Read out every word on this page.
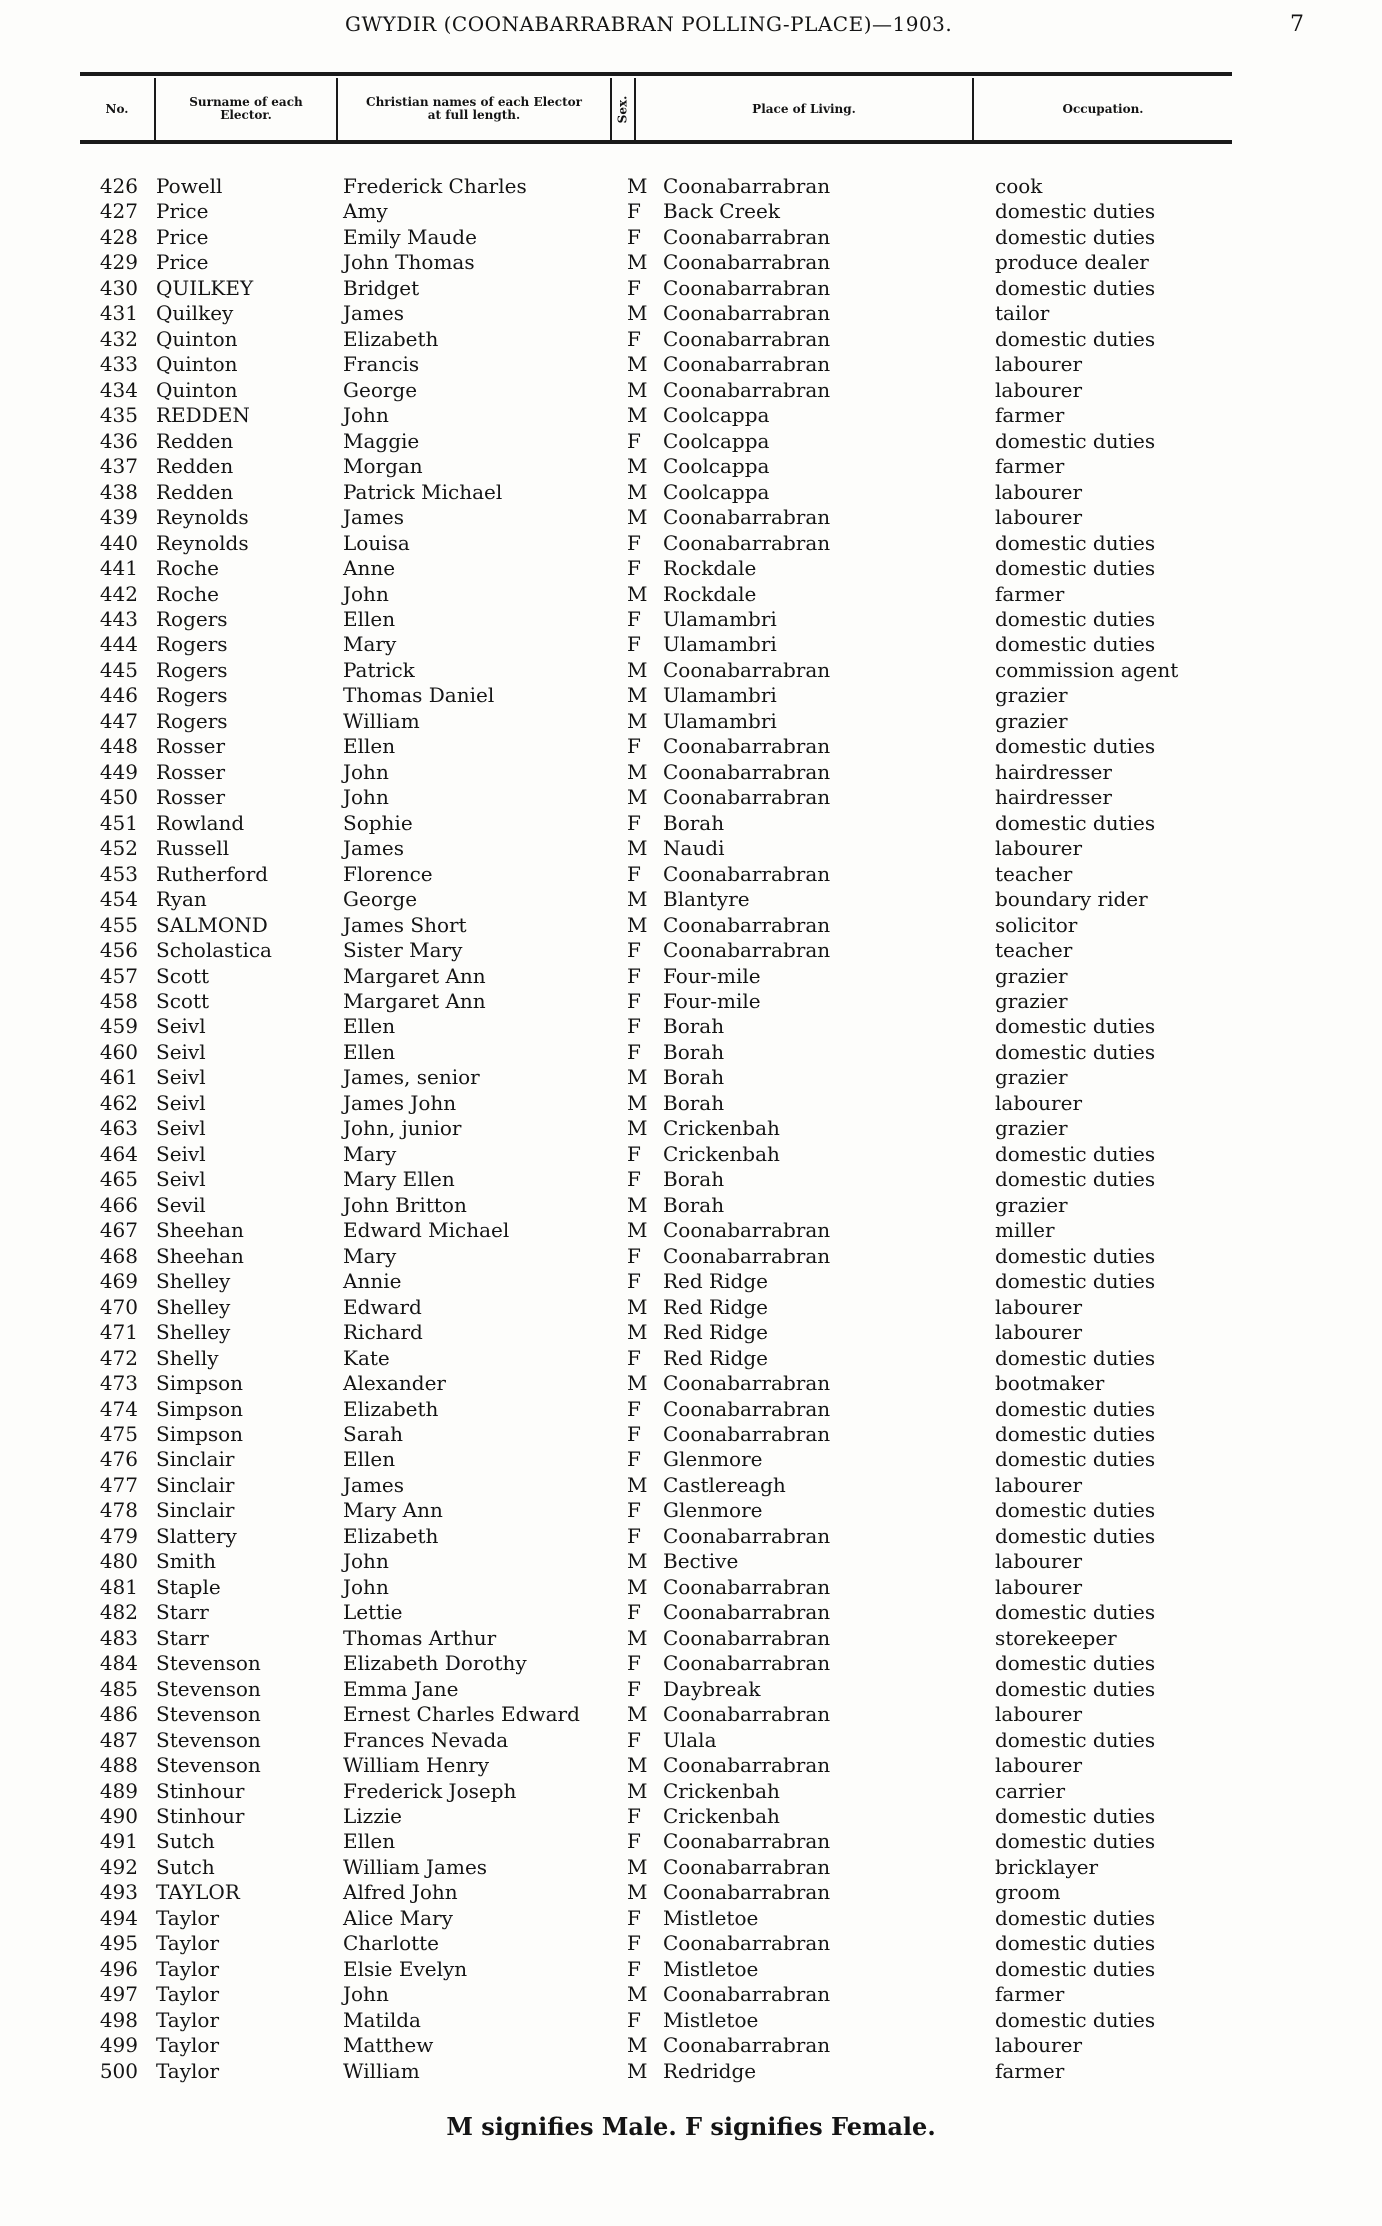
GWYDIR (COONABARRABRAN POLLING-PLACE)—1903.	7
No.	Surname of each
Elector.
Christian names of each Elector
at full length.	Sex.	Place of Living.	Occupation.
426 Powell	Frederick Charles	M Coonabarrabran	cook
427 Price	Amy	F Back Creek	domestic duties
428 Price	Emily Maude	F Coonabarrabran	domestic duties
429 Price	John Thomas	M Coonabarrabran	produce dealer
430 QUILKEY	Bridget	F Coonabarrabran	domestic duties
431 Quilkey	James	M Coonabarrabran	tailor
432 Quinton	Elizabeth	F Coonabarrabran	domestic duties
433 Quinton	Francis	M Coonabarrabran	labourer
434 Quinton	George	M Coonabarrabran	labourer
435 REDDEN	John	M Coolcappa	farmer
436 Redden	Maggie	F Coolcappa	domestic duties
437 Redden	Morgan	M Coolcappa	farmer
438 Redden	Patrick Michael	M Coolcappa	labourer
439 Reynolds	James	M Coonabarrabran	labourer
440 Reynolds	Louisa	F Coonabarrabran	domestic duties
441 Roche	Anne	F Rockdale	domestic duties
442 Roche	John	M Rockdale	farmer
443 Rogers	Ellen	F Ulamambri	domestic duties
444 Rogers	Mary	F Ulamambri	domestic duties
445 Rogers	Patrick	M Coonabarrabran	commission agent
446 Rogers	Thomas Daniel	M Ulamambri	grazier
447 Rogers	William	M Ulamambri	grazier
448 Rosser	Ellen	F Coonabarrabran	domestic duties
449 Rosser	John	M Coonabarrabran	hairdresser
450 Rosser	John	M Coonabarrabran	hairdresser
451 Rowland	Sophie	F Borah	domestic duties
452 Russell	James	M Naudi	labourer
453 Rutherford	Florence	F Coonabarrabran	teacher
454 Ryan	George	M Blantyre	boundary rider
455 SALMOND	James Short	M Coonabarrabran	solicitor
456 Scholastica	Sister Mary	F Coonabarrabran	teacher
457 Scott	Margaret Ann	F Four-mile	grazier
458 Scott	Margaret Ann	F Four-mile	grazier
459 Seivl	Ellen	F Borah	domestic duties
460 Seivl	Ellen	F Borah	domestic duties
461 Seivl	James, senior	M Borah	grazier
462 Seivl	James John	M Borah	labourer
463 Seivl	John, junior	M Crickenbah	grazier
464 Seivl	Mary	F Crickenbah	domestic duties
465 Seivl	Mary Ellen	F Borah	domestic duties
466 Sevil	John Britton	M Borah	grazier
467 Sheehan	Edward Michael	M Coonabarrabran	miller
468 Sheehan	Mary	F Coonabarrabran	domestic duties
469 Shelley	Annie	F Red Ridge	domestic duties
470 Shelley	Edward	M Red Ridge	labourer
471 Shelley	Richard	M Red Ridge	labourer
472 Shelly	Kate	F Red Ridge	domestic duties
473 Simpson	Alexander	M Coonabarrabran	bootmaker
474 Simpson	Elizabeth	F Coonabarrabran	domestic duties
475 Simpson	Sarah	F Coonabarrabran	domestic duties
476 Sinclair	Ellen	F Glenmore	domestic duties
477 Sinclair	James	M Castlereagh	labourer
478 Sinclair	Mary Ann	F Glenmore	domestic duties
479 Slattery	Elizabeth	F Coonabarrabran	domestic duties
480 Smith	John	M Bective	labourer
481 Staple	John	M Coonabarrabran	labourer
482 Starr	Lettie	F Coonabarrabran	domestic duties
483 Starr	Thomas Arthur	M Coonabarrabran	storekeeper
484 Stevenson	Elizabeth Dorothy	F Coonabarrabran	domestic duties
485 Stevenson	Emma Jane	F Daybreak	domestic duties
486 Stevenson	Ernest Charles Edward M Coonabarrabran	labourer
487 Stevenson	Frances Nevada	F Ulala	domestic duties
488 Stevenson	William Henry	M Coonabarrabran	labourer
489 Stinhour	Frederick Joseph	M Crickenbah	carrier
490 Stinhour	Lizzie	F Crickenbah	domestic duties
491 Sutch	Ellen	F Coonabarrabran	domestic duties
492 Sutch	William James	M Coonabarrabran	bricklayer
493 TAYLOR	Alfred John	M Coonabarrabran	groom
494 Taylor	Alice Mary	F Mistletoe	domestic duties
495 Taylor	Charlotte	F Coonabarrabran	domestic duties
496 Taylor	Elsie Evelyn	F Mistletoe	domestic duties
497 Taylor	John	M Coonabarrabran	farmer
498 Taylor	Matilda	F Mistletoe	domestic duties
499 Taylor	Matthew	M Coonabarrabran	labourer
500 Taylor	William	M Redridge	farmer
M signifies Male. F signifies Female.
